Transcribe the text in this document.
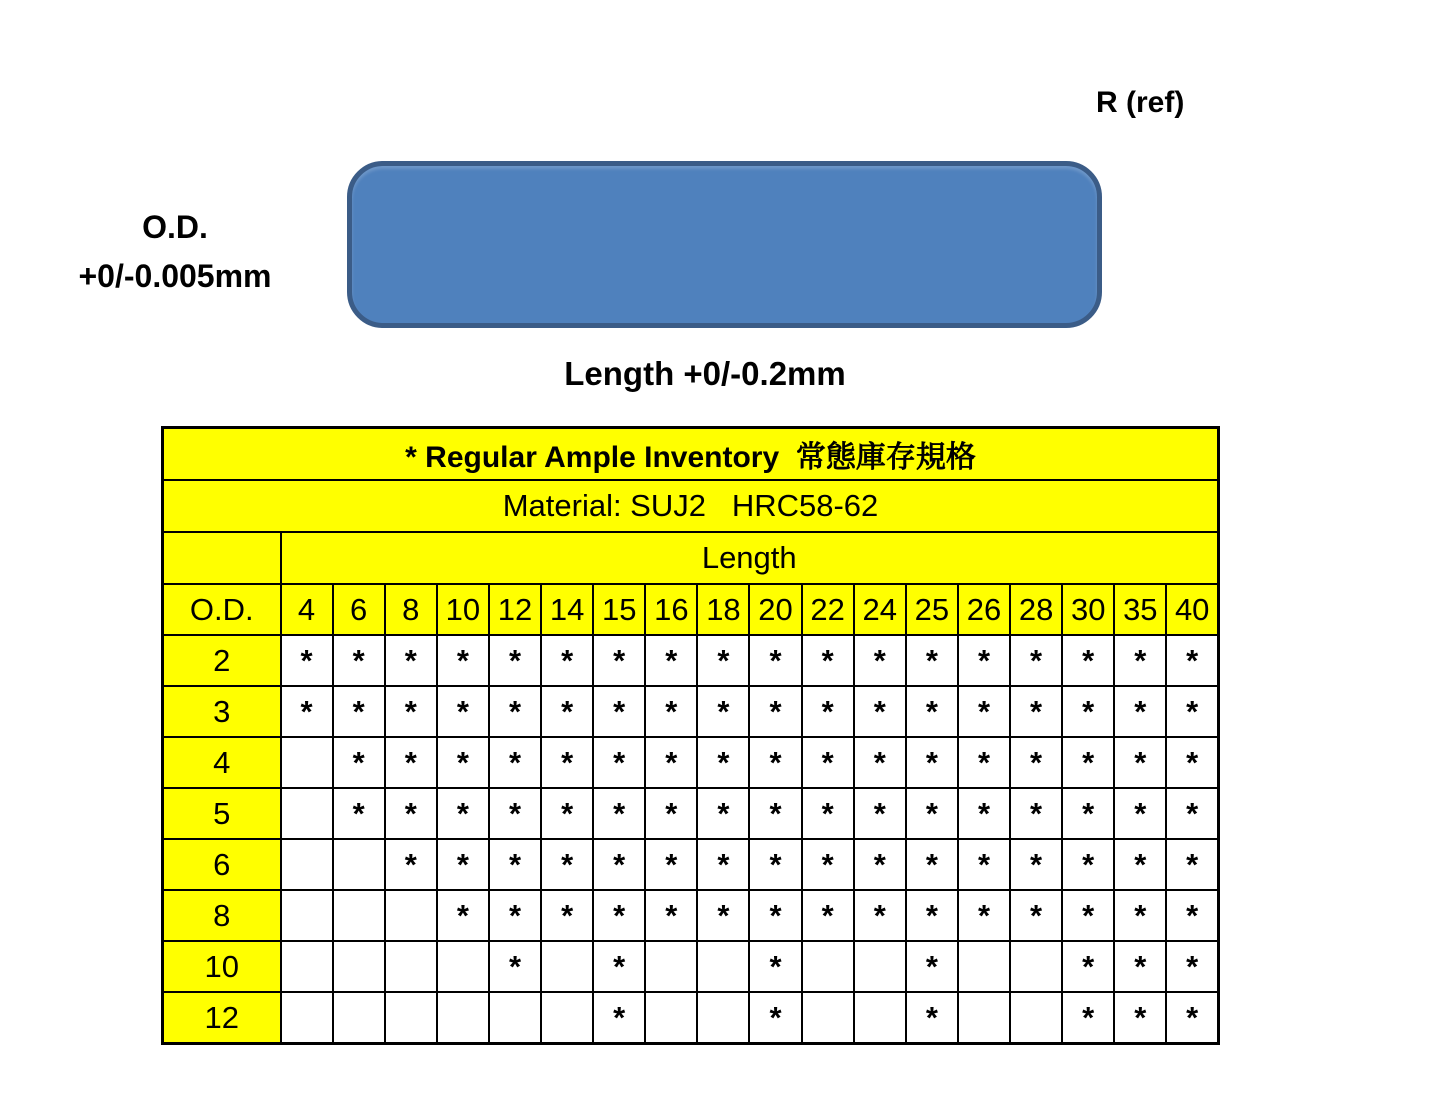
R (ref)
O.D.
+0/-0.005mm
Length +0/-0.2mm
* Regular Ample Inventory  常態庫存規格																		
Material: SUJ2   HRC58-62																		
	Length																	
O.D.	4	6	8	10	12	14	15	16	18	20	22	24	25	26	28	30	35	40
2	*	*	*	*	*	*	*	*	*	*	*	*	*	*	*	*	*	*
3	*	*	*	*	*	*	*	*	*	*	*	*	*	*	*	*	*	*
4		*	*	*	*	*	*	*	*	*	*	*	*	*	*	*	*	*
5		*	*	*	*	*	*	*	*	*	*	*	*	*	*	*	*	*
6			*	*	*	*	*	*	*	*	*	*	*	*	*	*	*	*
8				*	*	*	*	*	*	*	*	*	*	*	*	*	*	*
10					*		*			*			*			*	*	*
12							*			*			*			*	*	*
